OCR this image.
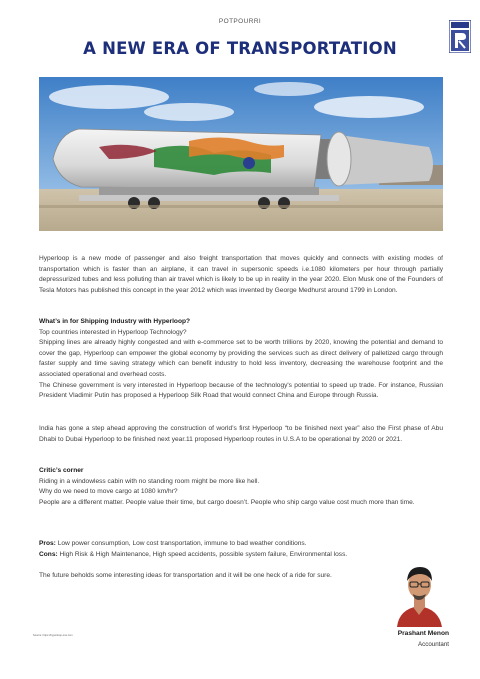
POTPOURRI
A NEW ERA OF TRANSPORTATION

Hyperloop is a new mode of passenger and also freight transportation that moves quickly and connects with existing modes of transportation which is faster than an airplane, it can travel in supersonic speeds i.e.1080 kilometers per hour through partially depressurized tubes and less polluting than air travel which is likely to be up in reality in the year 2020. Elon Musk one of the Founders of Tesla Motors has published this concept in the year 2012 which was invented by George Medhurst around 1799 in London.

What’s in for Shipping Industry with Hyperloop?

Top countries interested in Hyperloop Technology?

Shipping lines are already highly congested and with e-commerce set to be worth trillions by 2020, knowing the potential and demand to cover the gap, Hyperloop can empower the global economy by providing the services such as direct delivery of palletized cargo through faster supply and time saving strategy which can benefit industry to hold less inventory, decreasing the warehouse footprint and the associated operational and overhead costs.

The Chinese government is very interested in Hyperloop because of the technology's potential to speed up trade. For instance, Russian President Vladimir Putin has proposed a Hyperloop Silk Road that would connect China and Europe through Russia.

India has gone a step ahead approving the construction of world’s first Hyperloop “to be finished next year” also the First phase of Abu Dhabi to Dubai Hyperloop to be finished next year.11 proposed Hyperloop routes in U.S.A to be operational by 2020 or 2021.

Critic’s corner

Riding in a windowless cabin with no standing room might be more like hell.

Why do we need to move cargo at 1080 km/hr?

People are a different matter. People value their time, but cargo doesn’t. People who ship cargo value cost much more than time.

Pros: Low power consumption, Low cost transportation, immune to bad weather conditions.

Cons: High Risk & High Maintenance, High speed accidents, possible system failure, Environmental loss.

The future beholds some interesting ideas for transportation and it will be one heck of a ride for sure.

Prashant Menon
Accountant
Source: https://hyperloop-one.com
